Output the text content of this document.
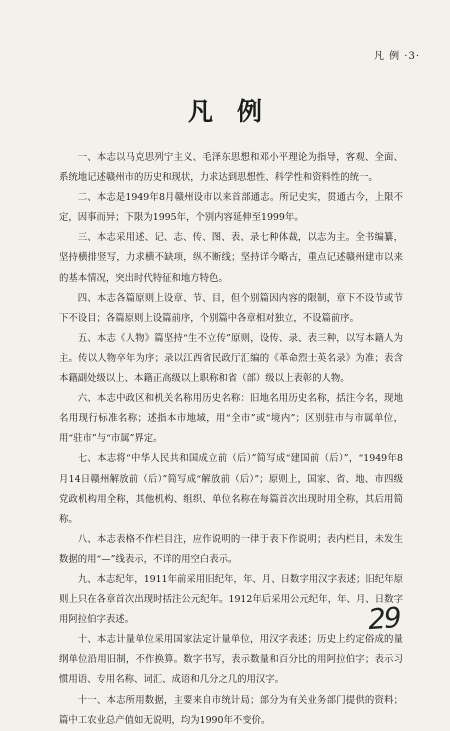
凡 例 ·3·
凡例

一、本志以马克思列宁主义、毛泽东思想和邓小平理论为指导，客观、全面、系统地记述赣州市的历史和现状，力求达到思想性、科学性和资料性的统一。

二、本志是1949年8月赣州设市以来首部通志。所记史实，贯通古今，上限不定，因事而异；下限为1995年，个别内容延伸至1999年。

三、本志采用述、记、志、传、图、表、录七种体裁，以志为主。全书编纂，坚持横排竖写，力求横不缺项，纵不断线；坚持详今略古，重点记述赣州建市以来的基本情况，突出时代特征和地方特色。

四、本志各篇原则上设章、节、目，但个别篇因内容的限制，章下不设节或节下不设目；各篇原则上设篇前序，个别篇中各章相对独立，不设篇前序。

五、本志《人物》篇坚持“生不立传”原则，设传、录、表三种，以写本籍人为主。传以人物卒年为序；录以江西省民政厅汇编的《革命烈士英名录》为准；表含本籍副处级以上、本籍正高级以上职称和省（部）级以上表彰的人物。

六、本志中政区和机关名称用历史名称：旧地名用历史名称，括注今名，现地名用现行标准名称；述指本市地域，用“全市”或“境内”；区别驻市与市属单位，用“驻市”与“市属”界定。

七、本志将“中华人民共和国成立前（后）”简写成“建国前（后）”，“1949年8月14日赣州解放前（后）”简写成“解放前（后）”；原则上，国家、省、地、市四级党政机构用全称，其他机构、组织、单位名称在每篇首次出现时用全称，其后用简称。

八、本志表格不作栏目注，应作说明的一律于表下作说明；表内栏目，未发生数据的用“—”线表示，不详的用空白表示。

九、本志纪年，1911年前采用旧纪年，年、月、日数字用汉字表述；旧纪年原则上只在各章首次出现时括注公元纪年。1912年后采用公元纪年，年、月、日数字用阿拉伯字表述。

十、本志计量单位采用国家法定计量单位，用汉字表述；历史上约定俗成的量纲单位沿用旧制，不作换算。数字书写，表示数量和百分比的用阿拉伯字；表示习惯用语、专用名称、词汇、成语和几分之几的用汉字。

十一、本志所用数据，主要来自市统计局；部分为有关业务部门提供的资料；篇中工农业总产值如无说明，均为1990年不变价。

29
